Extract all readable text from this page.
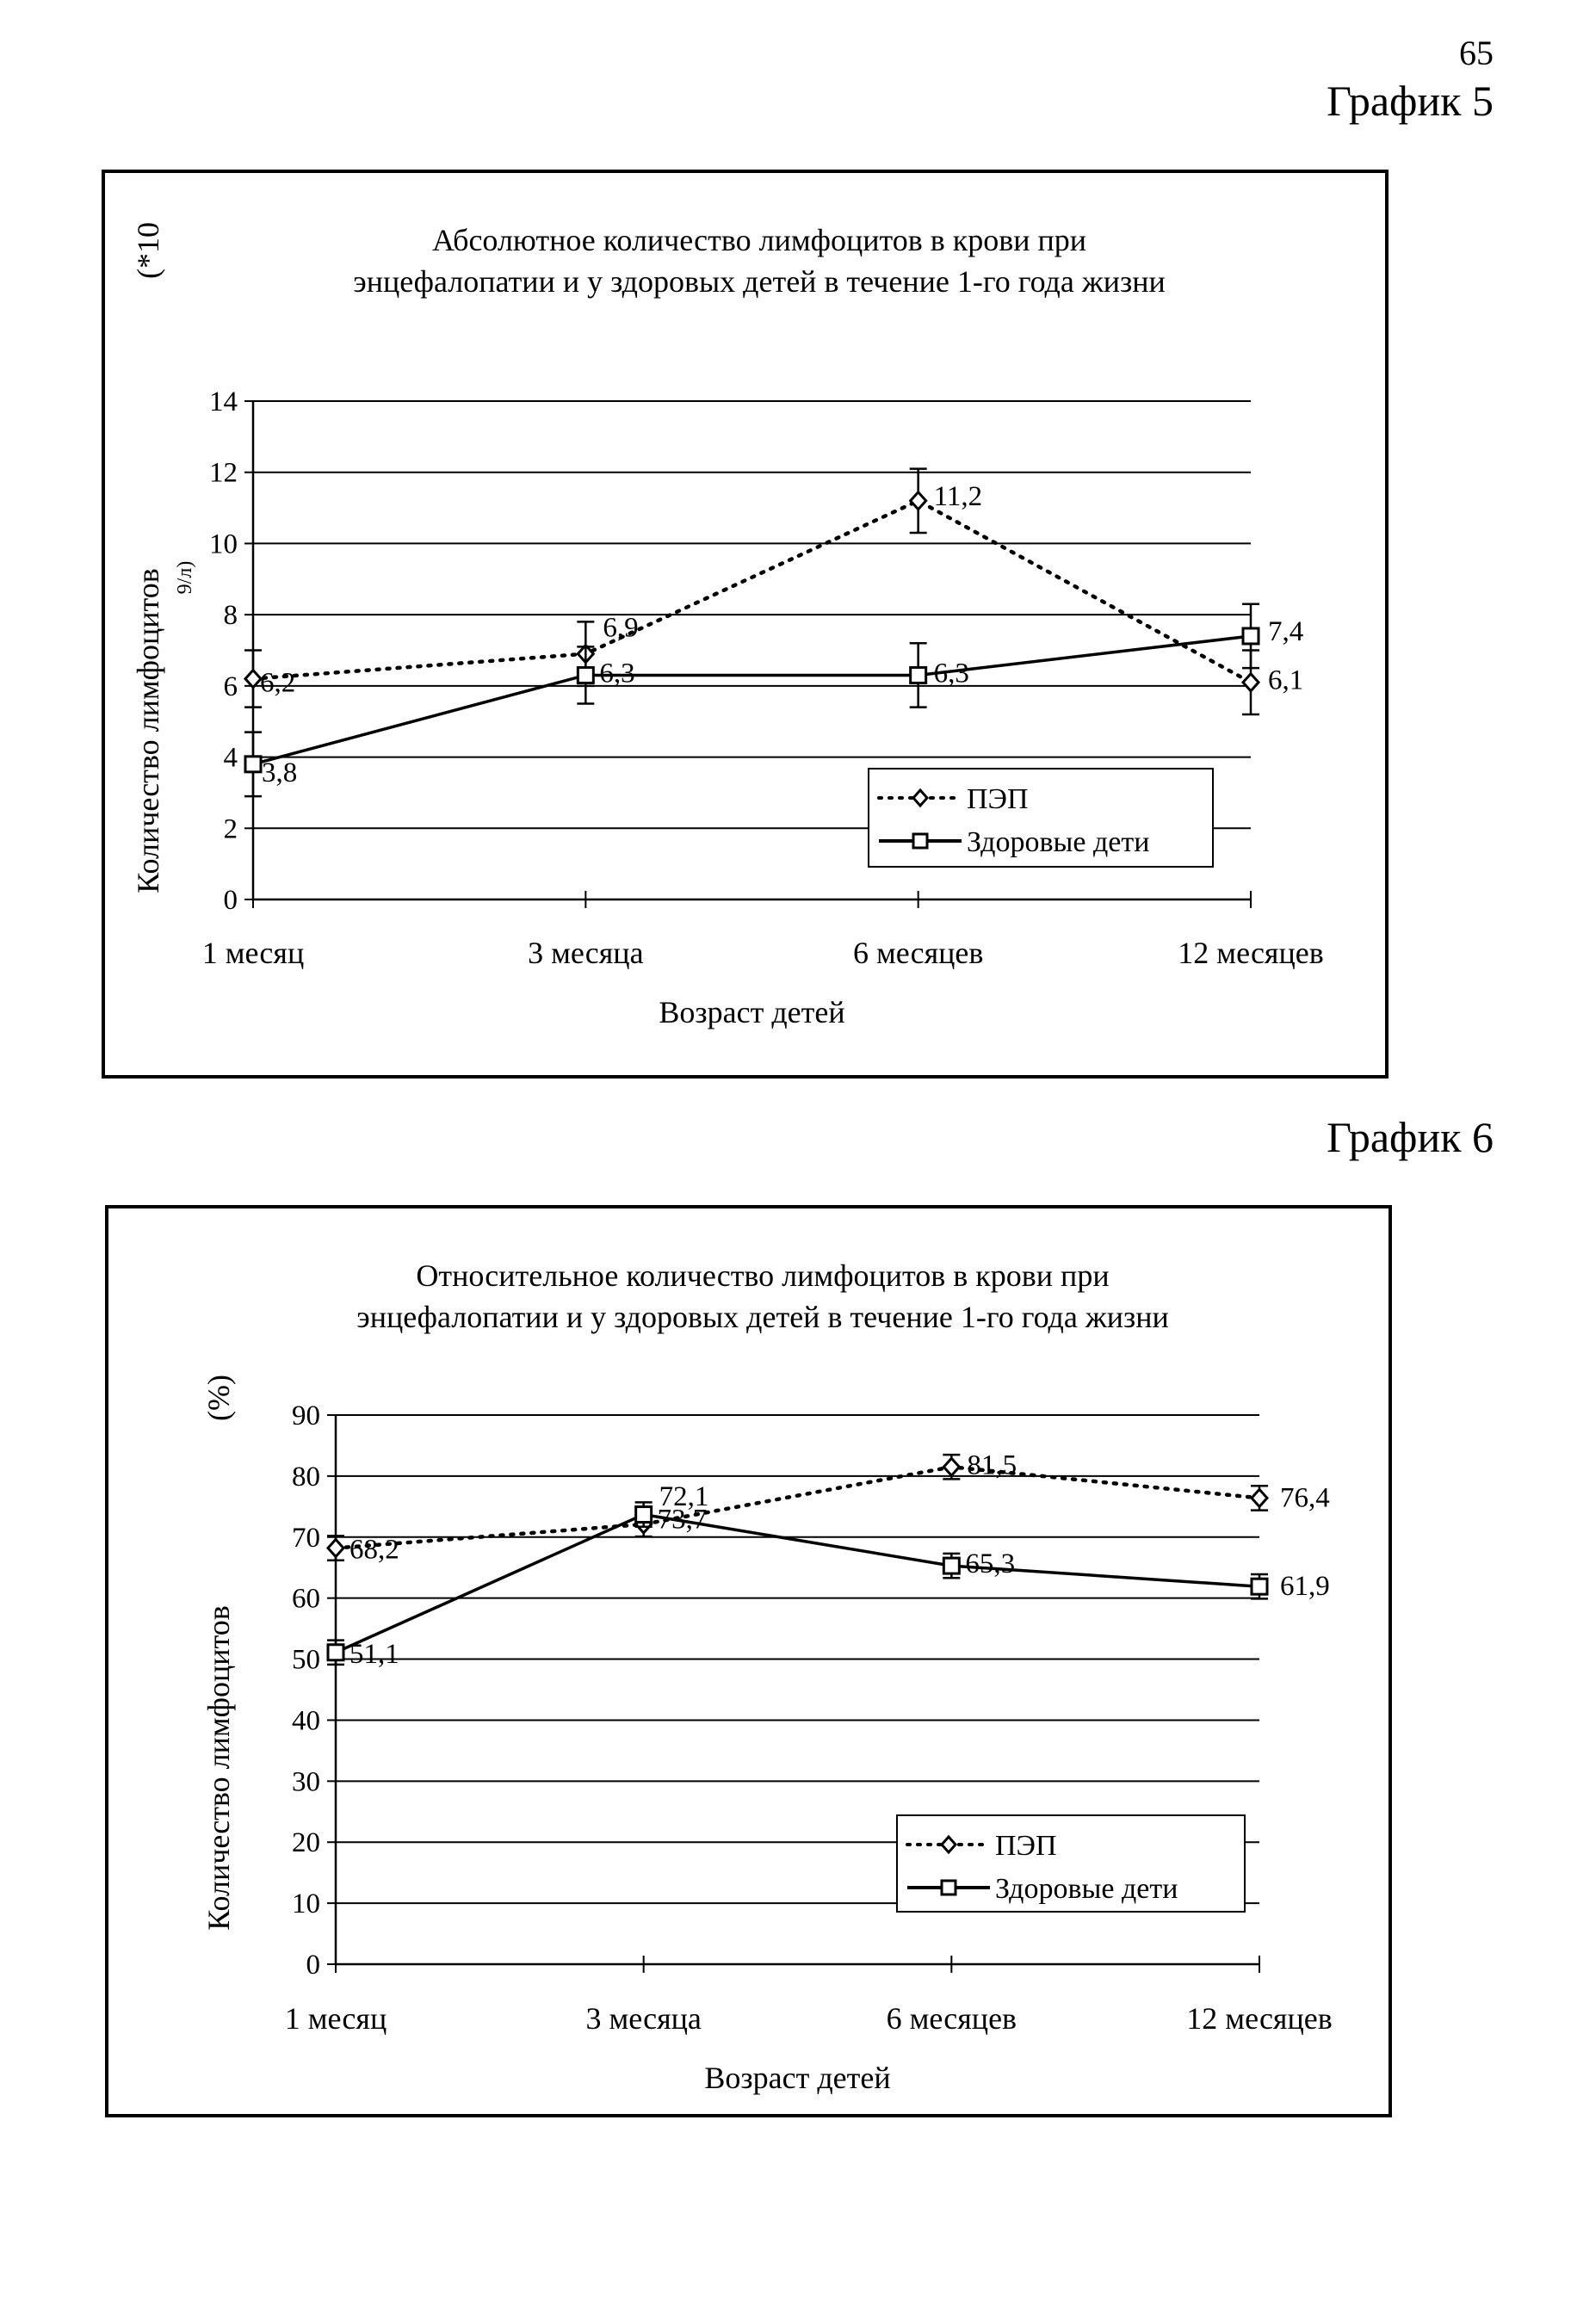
65
График 5
Абсолютное количество лимфоцитов в крови при
энцефалопатии и у здоровых детей в течение 1-го года жизни
0
2
4
6
8
10
12
14
1 месяц	3 месяца	6 месяцев	12 месяцев
Возраст детей
Количество лимфоцитов
(*10
9/л)
6,2
6,9
11,2
6,1
3,8
6,3	6,3
7,4
ПЭП
Здоровые дети
График 6
Относительное количество лимфоцитов в крови при
энцефалопатии и у здоровых детей в течение 1-го года жизни
0
10
20
30
40
50
60
70
80
90
1 месяц	3 месяца	6 месяцев	12 месяцев
Возраст детей
Количество лимфоцитов
(%)
68,2
72,1
81,5
76,4
51,1
73,7
65,3
61,9
ПЭП
Здоровые дети
